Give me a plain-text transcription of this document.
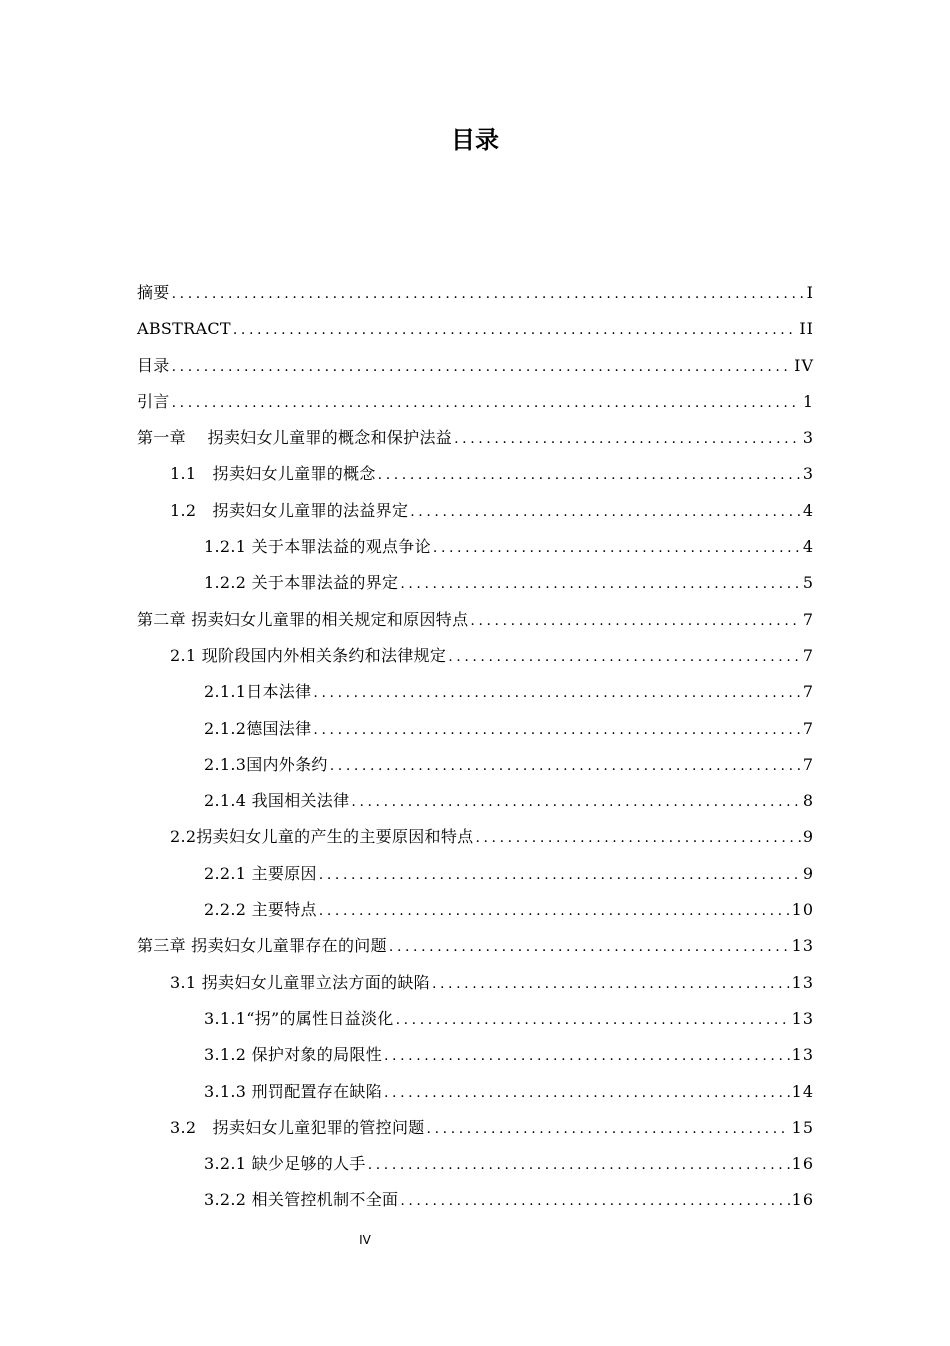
目录
摘要 .....	I
ABSTRACT .....	II
目录 .....	IV
引言 .....	1
第一章　 拐卖妇女儿童罪的概念和保护法益 .....	3
1.1　拐卖妇女儿童罪的概念 .....	3
1.2　拐卖妇女儿童罪的法益界定 .....	4
1.2.1 关于本罪法益的观点争论 .....	4
1.2.2 关于本罪法益的界定 .....	5
第二章 拐卖妇女儿童罪的相关规定和原因特点 .....	7
2.1 现阶段国内外相关条约和法律规定 .....	7
2.1.1日本法律 .....	7
2.1.2德国法律 .....	7
2.1.3国内外条约 .....	7
2.1.4 我国相关法律 .....	8
2.2拐卖妇女儿童的产生的主要原因和特点 .....	9
2.2.1 主要原因 .....	9
2.2.2 主要特点 .....	10
第三章 拐卖妇女儿童罪存在的问题 .....	13
3.1 拐卖妇女儿童罪立法方面的缺陷 .....	13
3.1.1“拐”的属性日益淡化 .....	13
3.1.2 保护对象的局限性 .....	13
3.1.3 刑罚配置存在缺陷 .....	14
3.2　拐卖妇女儿童犯罪的管控问题 .....	15
3.2.1 缺少足够的人手 .....	16
3.2.2 相关管控机制不全面 .....	16
IV
